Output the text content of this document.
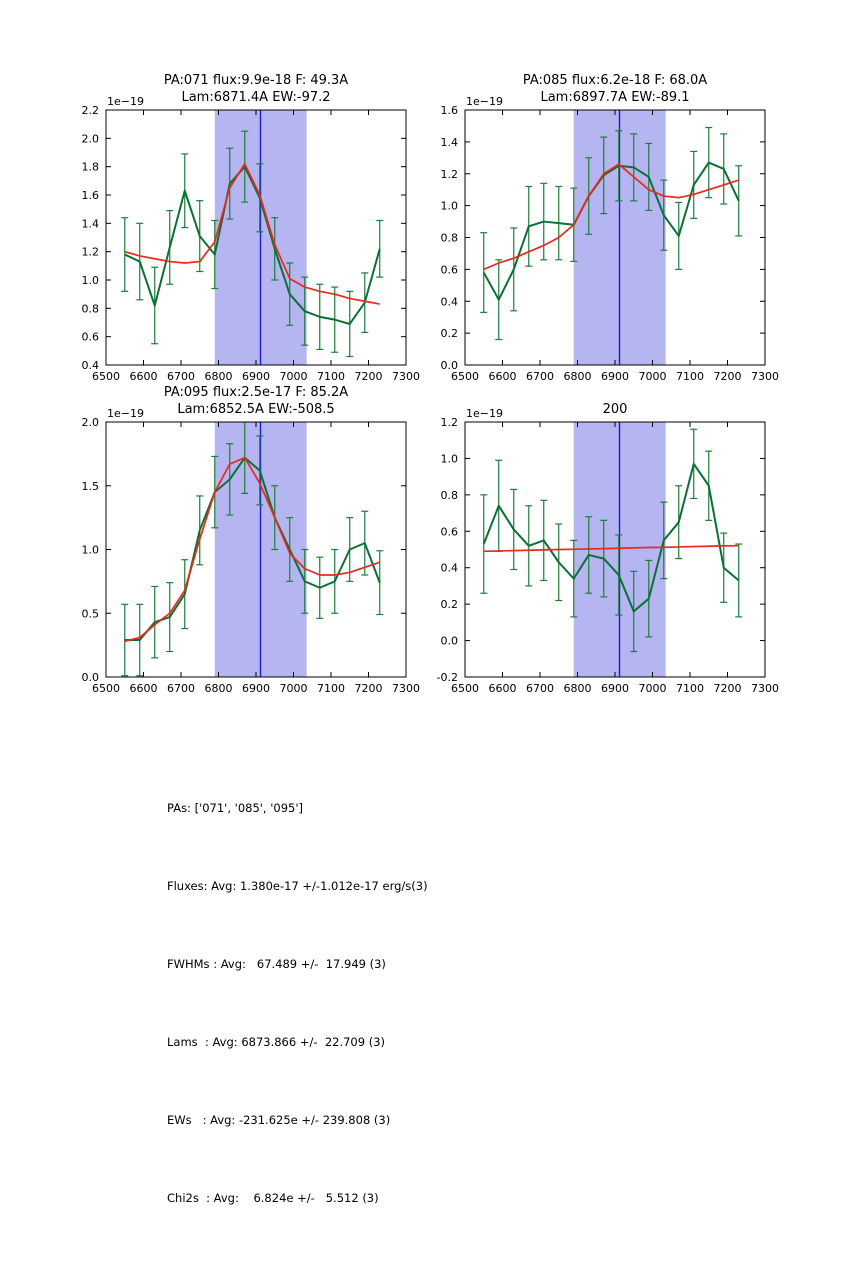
PA:071 flux:9.9e-18 F: 49.3A
Lam:6871.4A EW:-97.2
PA:085 flux:6.2e-18 F: 68.0A
Lam:6897.7A EW:-89.1
PA:095 flux:2.5e-17 F: 85.2A
Lam:6852.5A EW:-508.5	200
1e−19	1e−19
1e−19	1e−19
6500 6600 6700 6800 6900 7000 7100 7200 7300
0.4
0.6
0.8
1.0
1.2
1.4
1.6
1.8
2.0
2.2
6500 6600 6700 6800 6900 7000 7100 7200 7300
0.0
0.2
0.4
0.6
0.8
1.0
1.2
1.4
1.6
6500 6600 6700 6800 6900 7000 7100 7200 7300
0.0
0.5
1.0
1.5
2.0
6500 6600 6700 6800 6900 7000 7100 7200 7300
-0.2
0.0
0.2
0.4
0.6
0.8
1.0
1.2

PAs: ['071', '085', '095']

Fluxes: Avg: 1.380e-17 +/-1.012e-17 erg/s(3)

FWHMs : Avg:   67.489 +/-  17.949 (3)

Lams  : Avg: 6873.866 +/-  22.709 (3)

EWs   : Avg: -231.625e +/- 239.808 (3)

Chi2s  : Avg:    6.824e +/-   5.512 (3)
